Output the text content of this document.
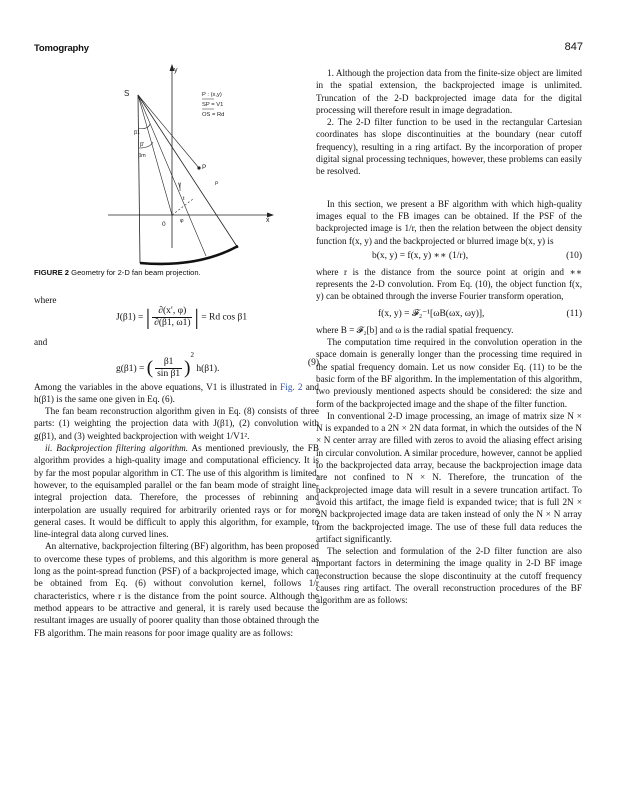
Tomography	847
y
x
S
0
P
β1
β'
βm
γ
t
ρ
φ
P : (x,y)
SP = V1
OS = Rd
FIGURE 2 Geometry for 2-D fan beam projection.

where

J(β1) = | $\frac{\partial(x', \varphi)}{\partial(\beta 1, \omega 1)}$ | = Rd cos β1

and

g(β1) = ( $\frac{\beta 1}{\text{sin β1}} )^2$ h(β1).
(9)

Among the variables in the above equations, V1 is illustrated in Fig. 2 and h(β1) is the same one given in Eq. (6).

The fan beam reconstruction algorithm given in Eq. (8) consists of three parts: (1) weighting the projection data with J(β1), (2) convolution with g(β1), and (3) weighted backprojection with weight 1/V1².

ii. Backprojection filtering algorithm. As mentioned previously, the FB algorithm provides a high-quality image and computational efficiency. It is by far the most popular algorithm in CT. The use of this algorithm is limited, however, to the equisampled parallel or the fan beam mode of straight line-integral projection data. Therefore, the processes of rebinning and interpolation are usually required for arbitrarily oriented rays or for more general cases. It would be difficult to apply this algorithm, for example, to line-integral data along curved lines.

An alternative, backprojection filtering (BF) algorithm, has been proposed to overcome these types of problems, and this algorithm is more general as long as the point-spread function (PSF) of a backprojected image, which can be obtained from Eq. (6) without convolution kernel, follows 1/r characteristics, where r is the distance from the point source. Although the method appears to be attractive and general, it is rarely used because the resultant images are usually of poorer quality than those obtained through the FB algorithm. The main reasons for poor image quality are as follows:

1. Although the projection data from the finite-size object are limited in the spatial extension, the backprojected image is unlimited. Truncation of the 2-D backprojected image data for the digital processing will therefore result in image degradation.

2. The 2-D filter function to be used in the rectangular Cartesian coordinates has slope discontinuities at the boundary (near cutoff frequency), resulting in a ring artifact. By the incorporation of proper digital signal processing techniques, however, these problems can easily be resolved.

In this section, we present a BF algorithm with which high-quality images equal to the FB images can be obtained. If the PSF of the backprojected image is 1/r, then the relation between the object density function f(x, y) and the backprojected or blurred image b(x, y) is

b(x, y) = f(x, y) ∗∗ (1/r),	(10)

where r is the distance from the source point at origin and ∗∗ represents the 2-D convolution. From Eq. (10), the object function f(x, y) can be obtained through the inverse Fourier transform operation,

f(x, y) = 𝓕₂⁻¹[ωB(ωx, ωy)],	(11)

where B = 𝓕₂[b] and ω is the radial spatial frequency.

The computation time required in the convolution operation in the space domain is generally longer than the processing time required in the spatial frequency domain. Let us now consider Eq. (11) to be the basic form of the BF algorithm. In the implementation of this algorithm, two previously mentioned aspects should be considered: the size and form of the backprojected image and the shape of the filter function.

In conventional 2-D image processing, an image of matrix size N × N is expanded to a 2N × 2N data format, in which the outsides of the N × N center array are filled with zeros to avoid the aliasing effect arising in circular convolution. A similar procedure, however, cannot be applied to the backprojected data array, because the backprojection image data are not confined to N × N. Therefore, the truncation of the backprojected image data will result in a severe truncation artifact. To avoid this artifact, the image field is expanded twice; that is full 2N × 2N backprojected image data are taken instead of only the N × N array from the backprojected image. The use of these full data reduces the artifact significantly.

The selection and formulation of the 2-D filter function are also important factors in determining the image quality in 2-D BF image reconstruction because the slope discontinuity at the cutoff frequency causes ring artifact. The overall reconstruction procedures of the BF algorithm are as follows:
